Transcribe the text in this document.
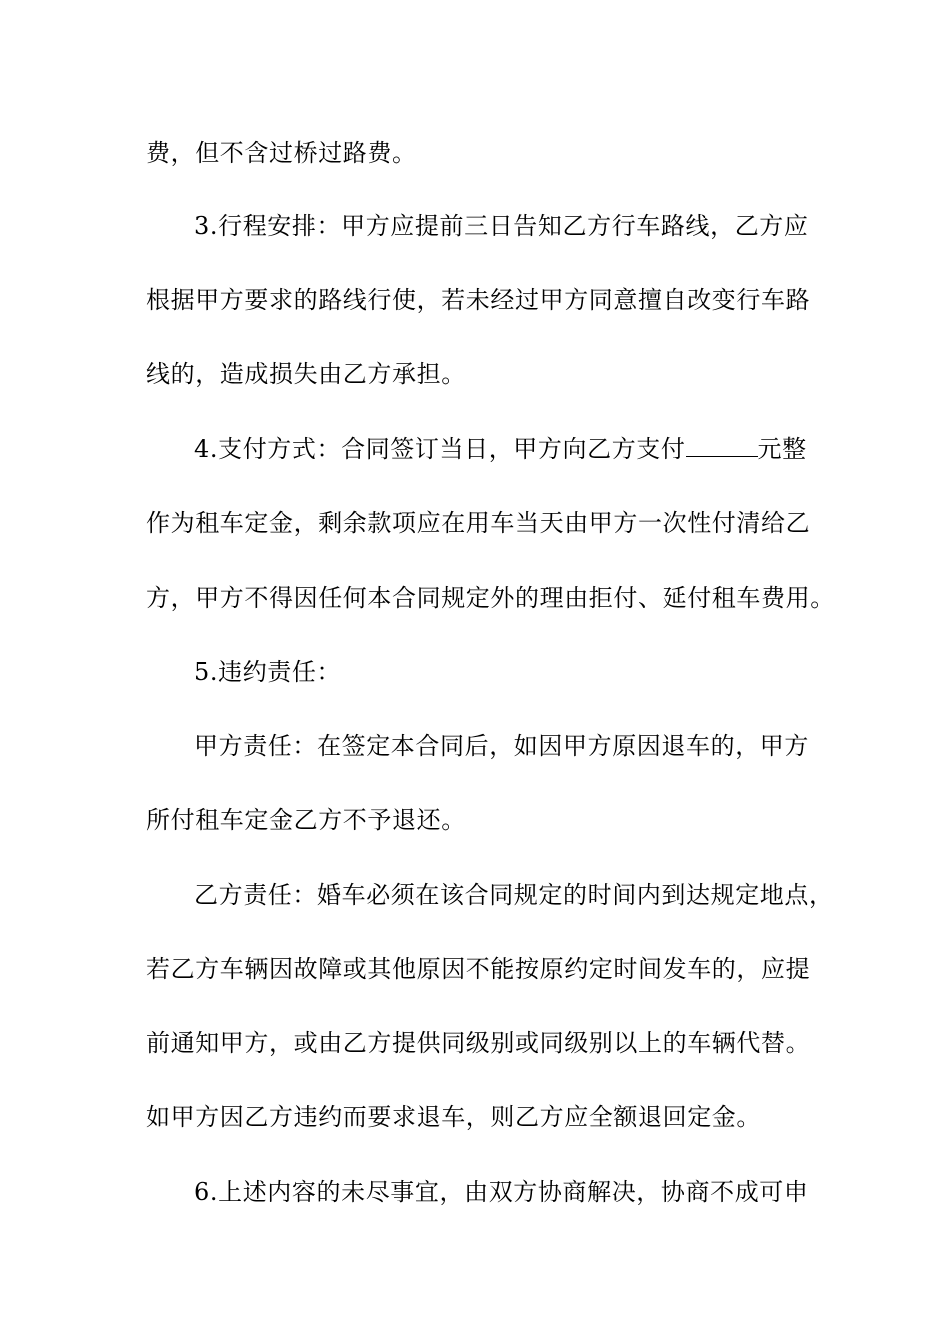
费，但不含过桥过路费。
3.行程安排：甲方应提前三日告知乙方行车路线，乙方应
根据甲方要求的路线行使，若未经过甲方同意擅自改变行车路
线的，造成损失由乙方承担。
4.支付方式：合同签订当日，甲方向乙方支付	元整
作为租车定金，剩余款项应在用车当天由甲方一次性付清给乙
方，甲方不得因任何本合同规定外的理由拒付、延付租车费用。
5.违约责任：
甲方责任：在签定本合同后，如因甲方原因退车的，甲方
所付租车定金乙方不予退还。
乙方责任：婚车必须在该合同规定的时间内到达规定地点，
若乙方车辆因故障或其他原因不能按原约定时间发车的，应提
前通知甲方，或由乙方提供同级别或同级别以上的车辆代替。
如甲方因乙方违约而要求退车，则乙方应全额退回定金。
6.上述内容的未尽事宜，由双方协商解决，协商不成可申
